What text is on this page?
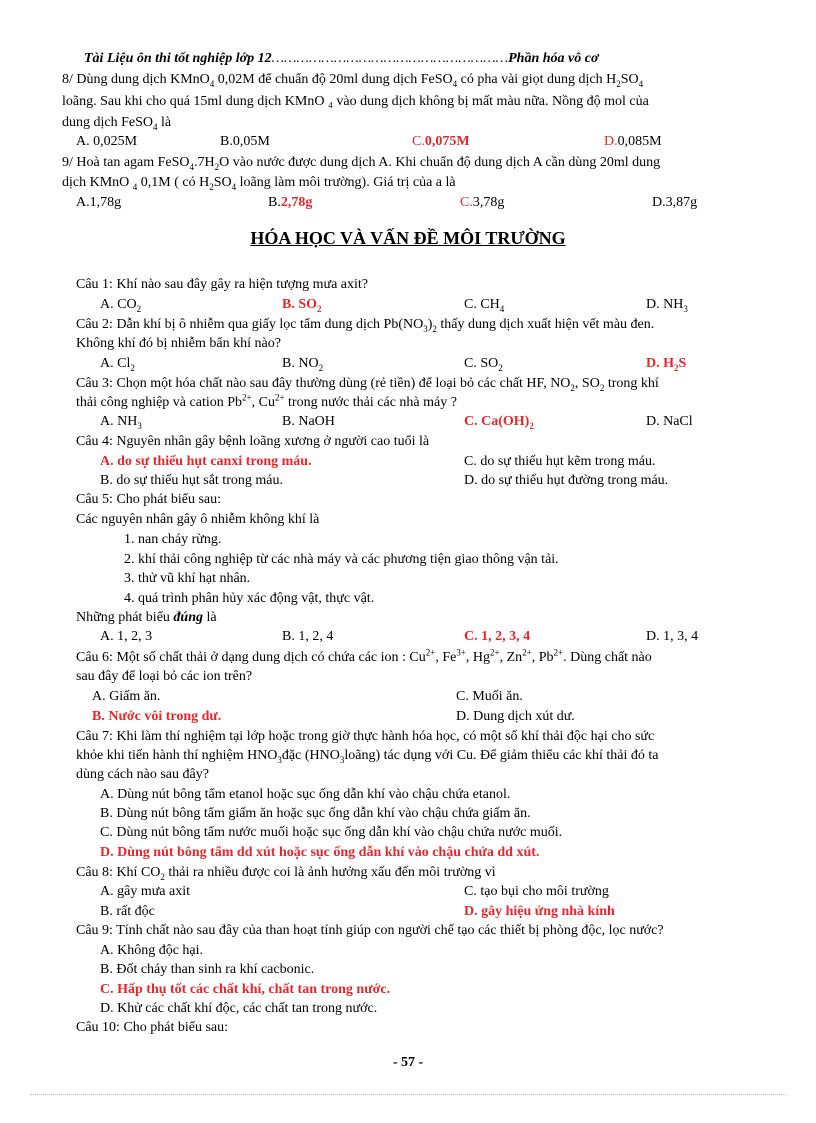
Tài Liệu ôn thi tốt nghiệp lớp 12…………………………………………………Phần hóa vô cơ
8/ Dùng dung dịch KMnO$_4$ 0,02M để chuẩn độ 20ml dung dịch FeSO$_4$ có pha vài giọt dung dịch $H_2SO_4$
loãng. Sau khi cho quá 15ml dung dịch KMnO ₄ vào dung dịch không bị mất màu nữa. Nồng độ mol của
dung dịch FeSO$_4$ là
A. 0,025M	B.0,05M	C.0,075M	D.0,085M
9/ Hoà tan agam $FeSO_4.7H_2O$ vào nước được dung dịch A. Khi chuẩn độ dung dịch A cần dùng 20ml dung
dịch KMnO $_4$ 0,1M ( có $H_2SO_4$ loãng làm môi trường). Giá trị của a là
A.1,78g	B.2,78g	C.3,78g	D.3,87g
HÓA HỌC VÀ VẤN ĐỀ MÔI TRƯỜNG
Câu 1: Khí nào sau đây gây ra hiện tượng mưa axit?
A. $CO_2$	B. $SO_2$	C. $CH_4$	D. $NH_3$
Câu 2: Dẫn khí bị ô nhiễm qua giấy lọc tẩm dung dịch $Pb(NO_3)_2$ thấy dung dịch xuất hiện vết màu đen.
Không khí đó bị nhiễm bẩn khí nào?
A. $Cl_2$	B. $NO_2$	C. $SO_2$	D. $H_2S$
Câu 3: Chọn một hóa chất nào sau đây thường dùng (rẻ tiền) để loại bỏ các chất HF, $NO_2$, $SO_2$ trong khí
thải công nghiệp và cation $Pb^{2+}$, $Cu^{2+}$ trong nước thải các nhà máy ?
A. $NH_3$	B. NaOH	C. $Ca(OH)_2$	D. NaCl
Câu 4: Nguyên nhân gây bệnh loãng xương ở người cao tuổi là
A. do sự thiếu hụt canxi trong máu.	C. do sự thiếu hụt kẽm trong máu.
B. do sự thiếu hụt sắt trong máu.	D. do sự thiếu hụt đường trong máu.
Câu 5: Cho phát biểu sau:
Các nguyên nhân gây ô nhiễm không khí là
1. nan cháy rừng.
2. khí thải công nghiệp từ các nhà máy và các phương tiện giao thông vận tải.
3. thử vũ khí hạt nhân.
4. quá trình phân hủy xác động vật, thực vật.
Những phát biểu đúng là
A. 1, 2, 3	B. 1, 2, 4	C. 1, 2, 3, 4	D. 1, 3, 4
Câu 6: Một số chất thải ở dạng dung dịch có chứa các ion : $Cu^{2+}$, $Fe^{3+}$, $Hg^{2+}$, $Zn^{2+}$, $Pb^{2+}$. Dùng chất nào
sau đây để loại bỏ các ion trên?
A. Giấm ăn.	C. Muối ăn.
B. Nước vôi trong dư.	D. Dung dịch xút dư.
Câu 7: Khi làm thí nghiệm tại lớp hoặc trong giờ thực hành hóa học, có một số khí thải độc hại cho sức
khỏe khi tiến hành thí nghiệm $HNO_3đặc$ $(HNO_3loãng)$ tác dụng với Cu. Để giảm thiểu các khí thải đó ta
dùng cách nào sau đây?
A. Dùng nút bông tẩm etanol hoặc sục ống dẫn khí vào chậu chứa etanol.
B. Dùng nút bông tẩm giấm ăn hoặc sục ống dẫn khí vào chậu chứa giấm ăn.
C. Dùng nút bông tẩm nước muối hoặc sục ống dẫn khí vào chậu chứa nước muối.
D. Dùng nút bông tẩm dd xút hoặc sục ống dẫn khí vào chậu chứa dd xút.
Câu 8: Khí $CO_2$ thải ra nhiều được coi là ảnh hưởng xấu đến môi trường vì
A. gây mưa axit	C. tạo bụi cho môi trường
B. rất độc	D. gây hiệu ứng nhà kính
Câu 9: Tính chất nào sau đây của than hoạt tính giúp con người chế tạo các thiết bị phòng độc, lọc nước?
A. Không độc hại.
B. Đốt cháy than sinh ra khí cacbonic.
C. Hấp thụ tốt các chất khí, chất tan trong nước.
D. Khử các chất khí độc, các chất tan trong nước.
Câu 10: Cho phát biểu sau:
- 57 -
